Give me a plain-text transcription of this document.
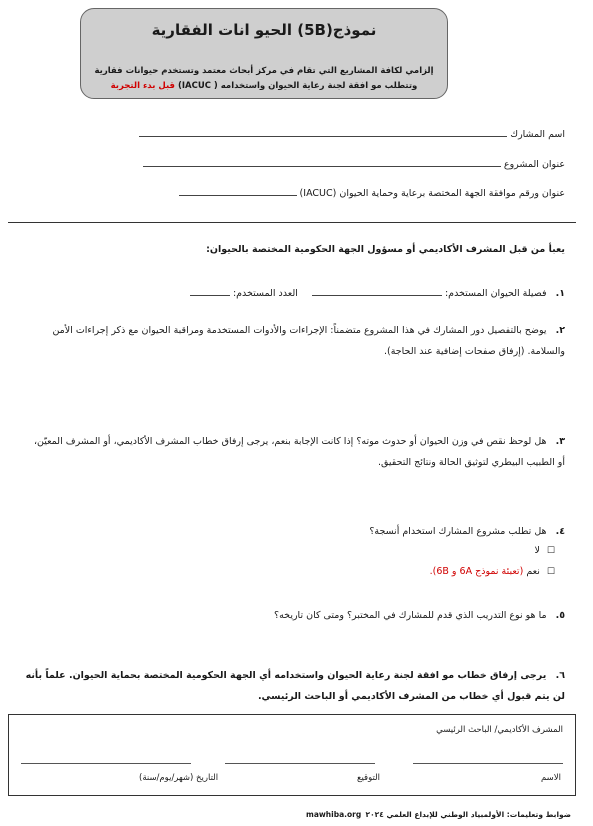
نموذج(5B) الحيو انات الفقارية
إلزامي لكافة المشاريع التي تقام في مركز أبحاث معتمد وتستخدم حيوانات فقارية
وتتطلب مو افقة لجنة رعاية الحيوان واستخدامه ( IACUC) قبل بدء التجربة
اسم المشارك
عنوان المشروع
عنوان ورقم موافقة الجهة المختصة برعاية وحماية الحيوان (IACUC)
يعبأ من قبل المشرف الأكاديمي أو مسؤول الجهة الحكومية المختصة بالحيوان:
١. فصيلة الحيوان المستخدم:   العدد المستخدم:
٢. يوضح بالتفصيل دور المشارك في هذا المشروع متضمناً: الإجراءات والأدوات المستخدمة ومراقبة الحيوان مع ذكر إجراءات الأمن والسلامة. (إرفاق صفحات إضافية عند الحاجة).
٣. هل لوحظ نقص في وزن الحيوان أو حدوث موته؟ إذا كانت الإجابة بنعم، يرجى إرفاق خطاب المشرف الأكاديمي، أو المشرف المعيّن، أو الطبيب البيطري لتوثيق الحالة ونتائج التحقيق.
٤. هل تطلب مشروع المشارك استخدام أنسجة؟
☐ لا
☐ نعم (تعبئة نموذج 6A و 6B).
٥. ما هو نوع التدريب الذي قدم للمشارك في المختبر؟ ومتى كان تاريخه؟
٦. يرجى إرفاق خطاب مو افقة لجنة رعاية الحيوان واستخدامه أي الجهة الحكومية المختصة بحماية الحيوان. علماً بأنه لن يتم قبول أي خطاب من المشرف الأكاديمي أو الباحث الرئيسي.
المشرف الأكاديمي/ الباحث الرئيسي
الاسم
التوقيع
التاريخ (شهر/يوم/سنة)
ضوابط وتعليمات: الأولمبياد الوطني للإبداع العلمي ٢٠٢٤
mawhiba.org
